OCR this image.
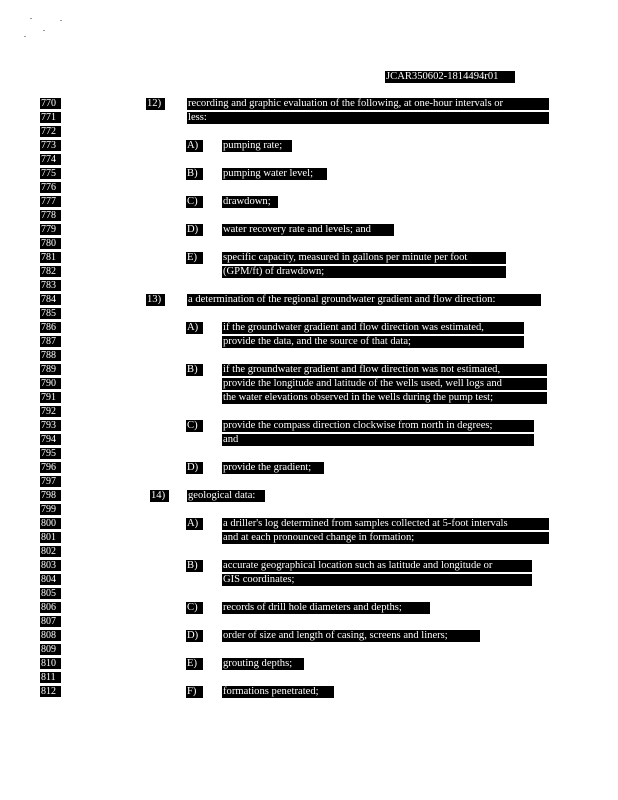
JCAR350602-1814494r01
770
771
772
773
774
775
776
777
778
779
780
781
782
783
784
785
786
787
788
789
790
791
792
793
794
795
796
797
798
799
800
801
802
803
804
805
806
807
808
809
810
811
812
12)	recording and graphic evaluation of the following, at one-hour intervals or
less:
A)	pumping rate;
B)	pumping water level;
C)	drawdown;
D)	water recovery rate and levels; and
E)	specific capacity, measured in gallons per minute per foot
(GPM/ft) of drawdown;
13)	a determination of the regional groundwater gradient and flow direction:
A)	if the groundwater gradient and flow direction was estimated,
provide the data, and the source of that data;
B)	if the groundwater gradient and flow direction was not estimated,
provide the longitude and latitude of the wells used, well logs and
the water elevations observed in the wells during the pump test;
C)	provide the compass direction clockwise from north in degrees;
and
D)	provide the gradient;
14)	geological data:
A)	a driller's log determined from samples collected at 5-foot intervals
and at each pronounced change in formation;
B)	accurate geographical location such as latitude and longitude or
GIS coordinates;
C)	records of drill hole diameters and depths;
D)	order of size and length of casing, screens and liners;
E)	grouting depths;
F)	formations penetrated;
